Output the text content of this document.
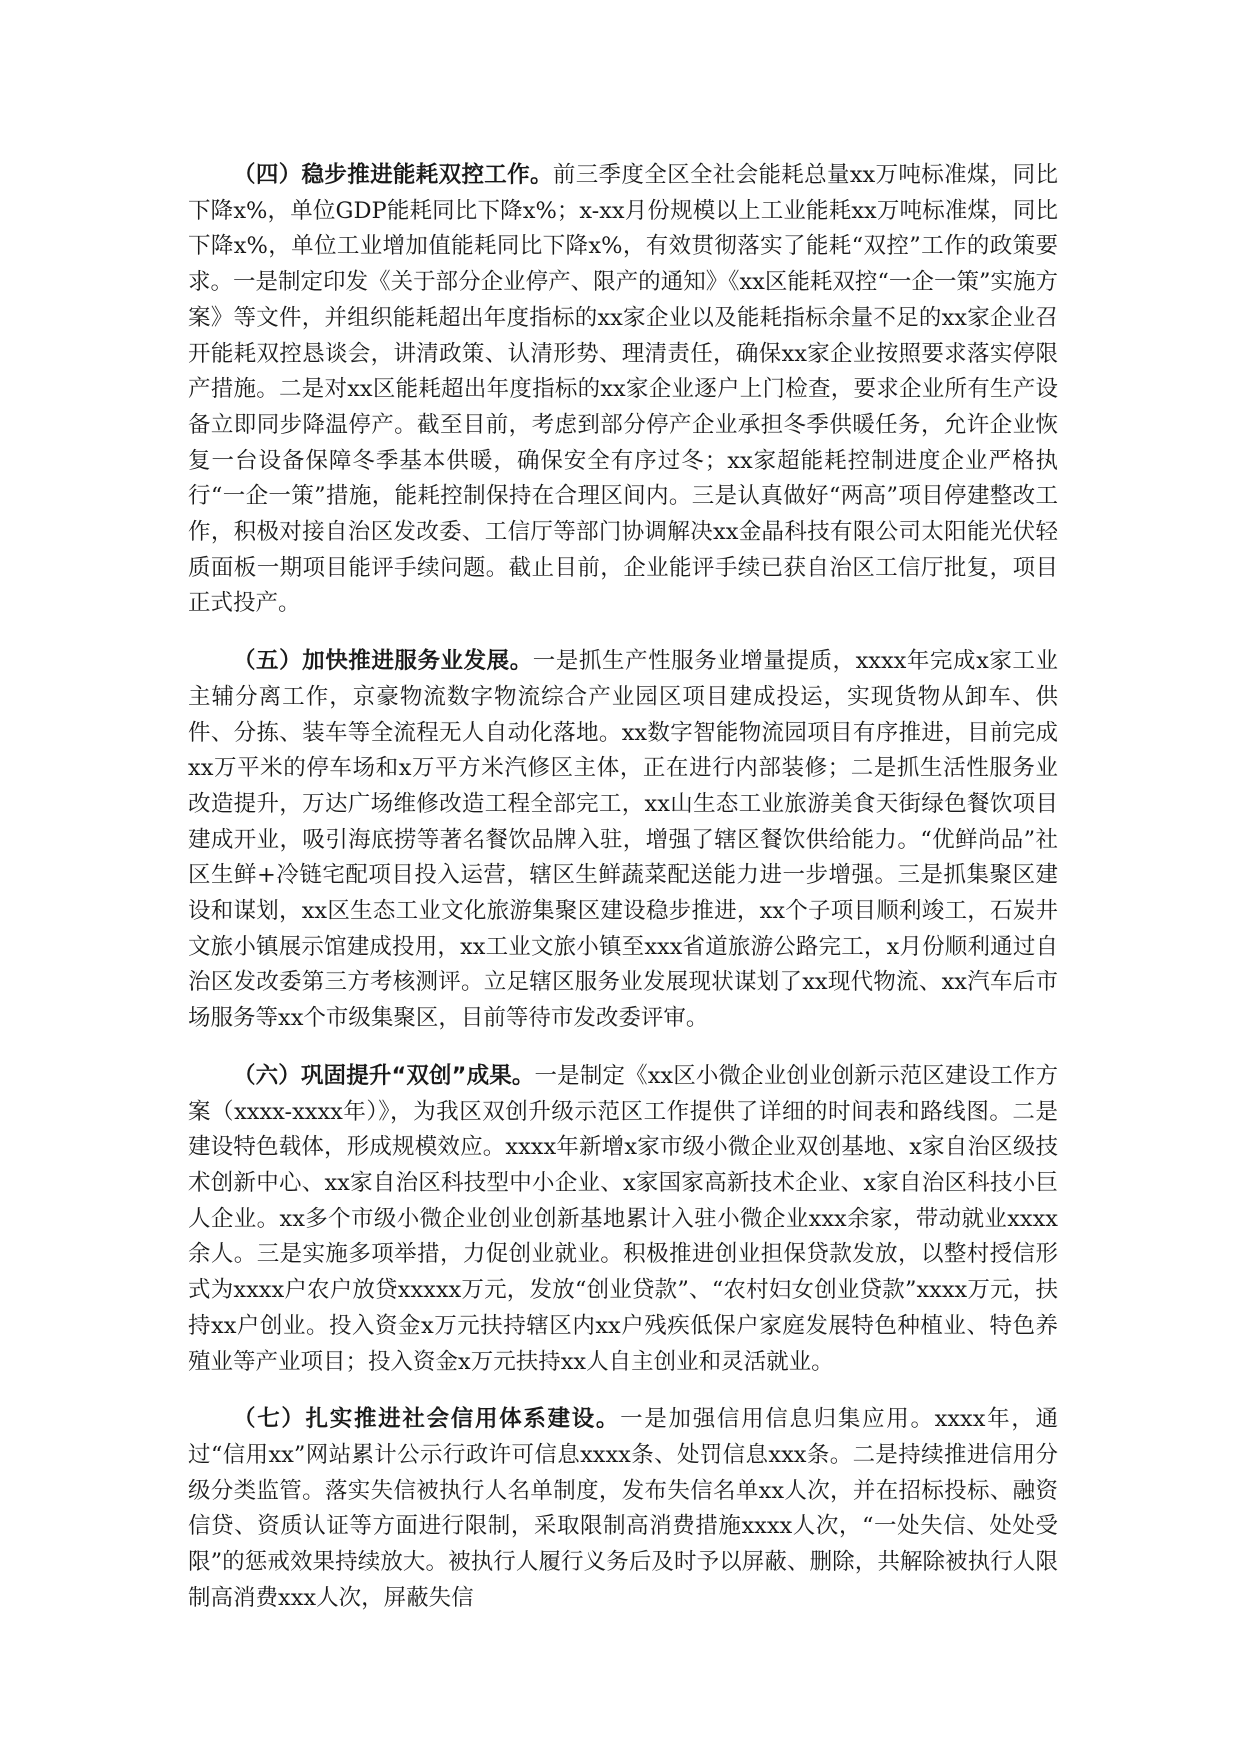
（四）稳步推进能耗双控工作。前三季度全区全社会能耗总量xx万吨标准煤，同比下降x%，单位GDP能耗同比下降x%；x-xx月份规模以上工业能耗xx万吨标准煤，同比下降x%，单位工业增加值能耗同比下降x%，有效贯彻落实了能耗“双控”工作的政策要求。一是制定印发《关于部分企业停产、限产的通知》《xx区能耗双控“一企一策”实施方案》等文件，并组织能耗超出年度指标的xx家企业以及能耗指标余量不足的xx家企业召开能耗双控恳谈会，讲清政策、认清形势、理清责任，确保xx家企业按照要求落实停限产措施。二是对xx区能耗超出年度指标的xx家企业逐户上门检查，要求企业所有生产设备立即同步降温停产。截至目前，考虑到部分停产企业承担冬季供暖任务，允许企业恢复一台设备保障冬季基本供暖，确保安全有序过冬；xx家超能耗控制进度企业严格执行“一企一策”措施，能耗控制保持在合理区间内。三是认真做好“两高”项目停建整改工作，积极对接自治区发改委、工信厅等部门协调解决xx金晶科技有限公司太阳能光伏轻质面板一期项目能评手续问题。截止目前，企业能评手续已获自治区工信厅批复，项目正式投产。

（五）加快推进服务业发展。一是抓生产性服务业增量提质，xxxx年完成x家工业主辅分离工作，京豪物流数字物流综合产业园区项目建成投运，实现货物从卸车、供件、分拣、装车等全流程无人自动化落地。xx数字智能物流园项目有序推进，目前完成xx万平米的停车场和x万平方米汽修区主体，正在进行内部装修；二是抓生活性服务业改造提升，万达广场维修改造工程全部完工，xx山生态工业旅游美食天街绿色餐饮项目建成开业，吸引海底捞等著名餐饮品牌入驻，增强了辖区餐饮供给能力。“优鲜尚品”社区生鲜+冷链宅配项目投入运营，辖区生鲜蔬菜配送能力进一步增强。三是抓集聚区建设和谋划，xx区生态工业文化旅游集聚区建设稳步推进，xx个子项目顺利竣工，石炭井文旅小镇展示馆建成投用，xx工业文旅小镇至xxx省道旅游公路完工，x月份顺利通过自治区发改委第三方考核测评。立足辖区服务业发展现状谋划了xx现代物流、xx汽车后市场服务等xx个市级集聚区，目前等待市发改委评审。

（六）巩固提升“双创”成果。一是制定《xx区小微企业创业创新示范区建设工作方案（xxxx-xxxx年）》，为我区双创升级示范区工作提供了详细的时间表和路线图。二是建设特色载体，形成规模效应。xxxx年新增x家市级小微企业双创基地、x家自治区级技术创新中心、xx家自治区科技型中小企业、x家国家高新技术企业、x家自治区科技小巨人企业。xx多个市级小微企业创业创新基地累计入驻小微企业xxx余家，带动就业xxxx余人。三是实施多项举措，力促创业就业。积极推进创业担保贷款发放，以整村授信形式为xxxx户农户放贷xxxxx万元，发放“创业贷款”、“农村妇女创业贷款”xxxx万元，扶持xx户创业。投入资金x万元扶持辖区内xx户残疾低保户家庭发展特色种植业、特色养殖业等产业项目；投入资金x万元扶持xx人自主创业和灵活就业。

（七）扎实推进社会信用体系建设。一是加强信用信息归集应用。xxxx年，通过“信用xx”网站累计公示行政许可信息xxxx条、处罚信息xxx条。二是持续推进信用分级分类监管。落实失信被执行人名单制度，发布失信名单xx人次，并在招标投标、融资信贷、资质认证等方面进行限制，采取限制高消费措施xxxx人次，“一处失信、处处受限”的惩戒效果持续放大。被执行人履行义务后及时予以屏蔽、删除，共解除被执行人限制高消费xxx人次，屏蔽失信
